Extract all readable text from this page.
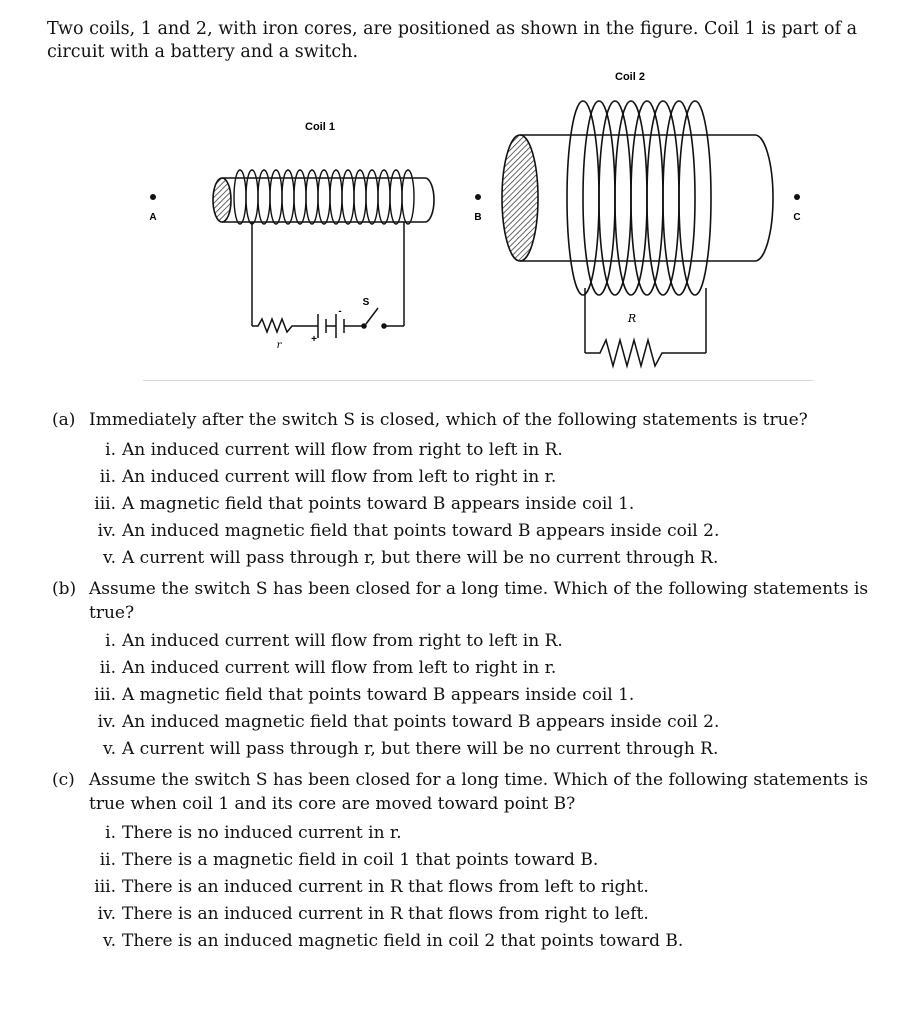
Two coils, 1 and 2, with iron cores, are positioned as shown in the figure. Coil 1 is part of a circuit with a battery and a switch.
Coil 1
Coil 2
A	B	C
+
-
S
r
R
(a) Immediately after the switch S is closed, which of the following statements is true?
i. An induced current will flow from right to left in R.
ii. An induced current will flow from left to right in r.
iii. A magnetic field that points toward B appears inside coil 1.
iv. An induced magnetic field that points toward B appears inside coil 2.
v. A current will pass through r, but there will be no current through R.
(b) Assume the switch S has been closed for a long time. Which of the following statements is true?
i. An induced current will flow from right to left in R.
ii. An induced current will flow from left to right in r.
iii. A magnetic field that points toward B appears inside coil 1.
iv. An induced magnetic field that points toward B appears inside coil 2.
v. A current will pass through r, but there will be no current through R.
(c) Assume the switch S has been closed for a long time. Which of the following statements is true when coil 1 and its core are moved toward point B?
i. There is no induced current in r.
ii. There is a magnetic field in coil 1 that points toward B.
iii. There is an induced current in R that flows from left to right.
iv. There is an induced current in R that flows from right to left.
v. There is an induced magnetic field in coil 2 that points toward B.
